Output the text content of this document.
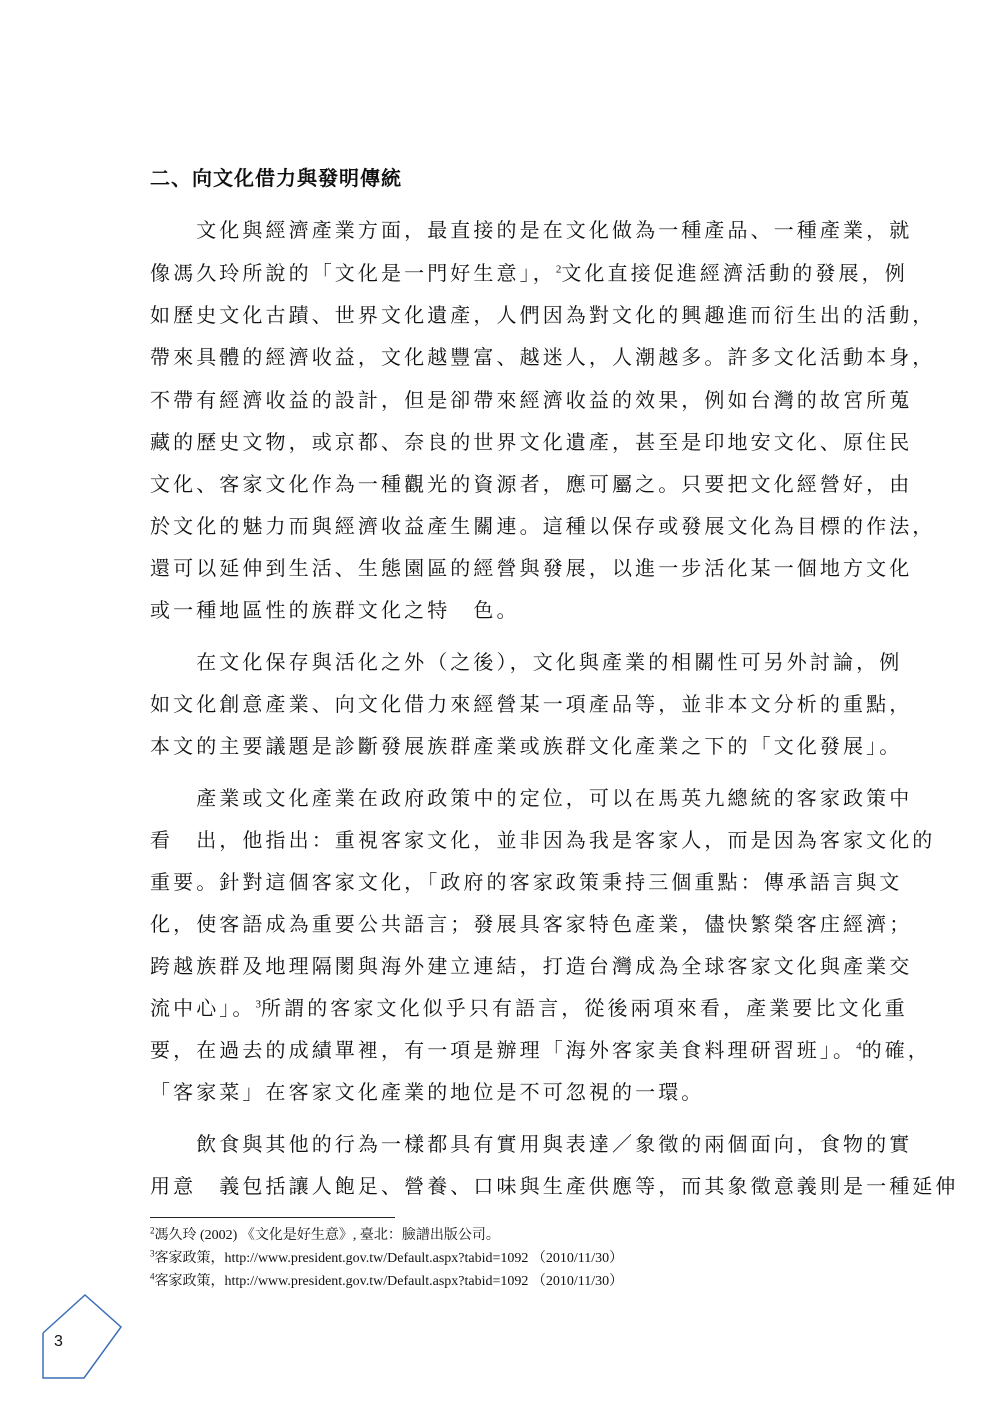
二、向文化借力與發明傳統
　　文化與經濟產業方面，最直接的是在文化做為一種產品、一種產業，就
像馮久玲所說的「文化是一門好生意」，$^2$文化直接促進經濟活動的發展，例
如歷史文化古蹟、世界文化遺產，人們因為對文化的興趣進而衍生出的活動，
帶來具體的經濟收益，文化越豐富、越迷人，人潮越多。許多文化活動本身，
不帶有經濟收益的設計，但是卻帶來經濟收益的效果，例如台灣的故宮所蒐
藏的歷史文物，或京都、奈良的世界文化遺產，甚至是印地安文化、原住民
文化、客家文化作為一種觀光的資源者，應可屬之。只要把文化經營好，由
於文化的魅力而與經濟收益產生關連。這種以保存或發展文化為目標的作法，
還可以延伸到生活、生態園區的經營與發展，以進一步活化某一個地方文化
或一種地區性的族群文化之特　色。
　　在文化保存與活化之外（之後），文化與產業的相關性可另外討論，例
如文化創意產業、向文化借力來經營某一項產品等，並非本文分析的重點，
本文的主要議題是診斷發展族群產業或族群文化產業之下的「文化發展」。
　　產業或文化產業在政府政策中的定位，可以在馬英九總統的客家政策中
看　出，他指出：重視客家文化，並非因為我是客家人，而是因為客家文化的
重要。針對這個客家文化，「政府的客家政策秉持三個重點：傳承語言與文
化，使客語成為重要公共語言；發展具客家特色產業，儘快繁榮客庄經濟；
跨越族群及地理隔閡與海外建立連結，打造台灣成為全球客家文化與產業交
流中心」。$^3$所謂的客家文化似乎只有語言，從後兩項來看，產業要比文化重
要，在過去的成績單裡，有一項是辦理「海外客家美食料理研習班」。$^4$的確，
「客家菜」在客家文化產業的地位是不可忽視的一環。
　　飲食與其他的行為一樣都具有實用與表達／象徵的兩個面向，食物的實
用意　義包括讓人飽足、營養、口味與生產供應等，而其象徵意義則是一種延伸
$^2$馮久玲 (2002) 《文化是好生意》, 臺北：臉譜出版公司。
$^3$客家政策，http://www.president.gov.tw/Default.aspx?tabid=1092 （2010/11/30）
$^4$客家政策，http://www.president.gov.tw/Default.aspx?tabid=1092 （2010/11/30）
3
